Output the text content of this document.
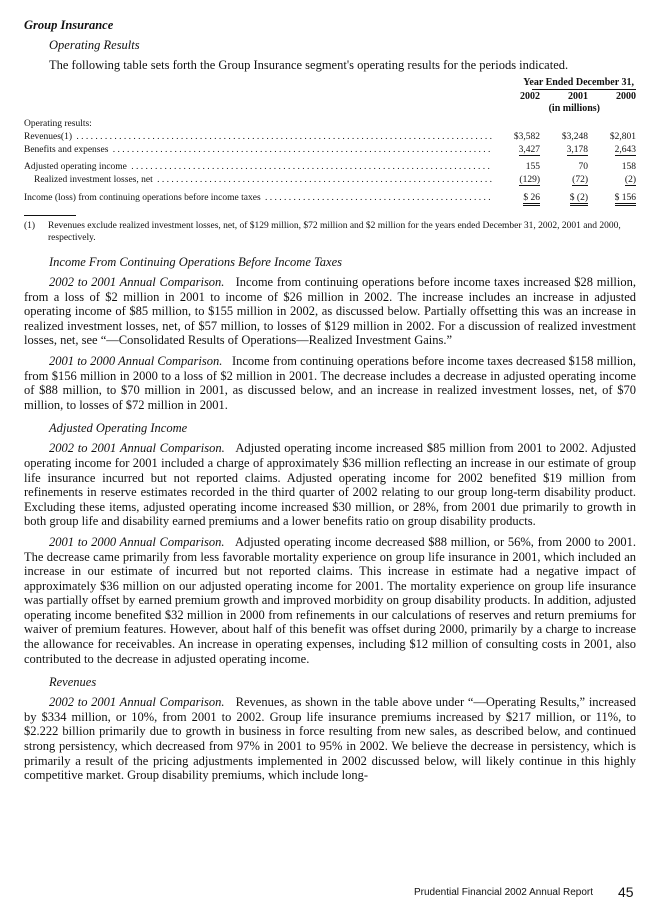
Group Insurance
Operating Results
The following table sets forth the Group Insurance segment's operating results for the periods indicated.
Year Ended December 31,
2002	2001	2000
(in millions)
Operating results:
Revenues(1) . . .	$3,582	$3,248	$2,801
Benefits and expenses . . .	3,427	3,178	2,643
Adjusted operating income . . .	155	70	158
Realized investment losses, net . . .	(129)	(72)	(2)
Income (loss) from continuing operations before income taxes . . .	$ 26	$ (2)	$ 156
(1)	Revenues exclude realized investment losses, net, of $129 million, $72 million and $2 million for the years ended December 31, 2002, 2001 and 2000, respectively.
Income From Continuing Operations Before Income Taxes

2002 to 2001 Annual Comparison. Income from continuing operations before income taxes increased $28 million, from a loss of $2 million in 2001 to income of $26 million in 2002. The increase includes an increase in adjusted operating income of $85 million, to $155 million in 2002, as discussed below. Partially offsetting this was an increase in realized investment losses, net, of $57 million, to losses of $129 million in 2002. For a discussion of realized investment losses, net, see “—Consolidated Results of Operations—Realized Investment Gains.”

2001 to 2000 Annual Comparison. Income from continuing operations before income taxes decreased $158 million, from $156 million in 2000 to a loss of $2 million in 2001. The decrease includes a decrease in adjusted operating income of $88 million, to $70 million in 2001, as discussed below, and an increase in realized investment losses, net, of $70 million, to losses of $72 million in 2001.

Adjusted Operating Income

2002 to 2001 Annual Comparison. Adjusted operating income increased $85 million from 2001 to 2002. Adjusted operating income for 2001 included a charge of approximately $36 million reflecting an increase in our estimate of group life insurance incurred but not reported claims. Adjusted operating income for 2002 benefited $19 million from refinements in reserve estimates recorded in the third quarter of 2002 relating to our group long-term disability product. Excluding these items, adjusted operating income increased $30 million, or 28%, from 2001 due primarily to growth in both group life and disability earned premiums and a lower benefits ratio on group disability products.

2001 to 2000 Annual Comparison. Adjusted operating income decreased $88 million, or 56%, from 2000 to 2001. The decrease came primarily from less favorable mortality experience on group life insurance in 2001, which included an increase in our estimate of incurred but not reported claims. This increase in estimate had a negative impact of approximately $36 million on our adjusted operating income for 2001. The mortality experience on group life insurance was partially offset by earned premium growth and improved morbidity on group disability products. In addition, adjusted operating income benefited $32 million in 2000 from refinements in our calculations of reserves and return premiums for waiver of premium features. However, about half of this benefit was offset during 2000, primarily by a charge to increase the allowance for receivables. An increase in operating expenses, including $12 million of consulting costs in 2001, also contributed to the decrease in adjusted operating income.

Revenues

2002 to 2001 Annual Comparison. Revenues, as shown in the table above under “—Operating Results,” increased by $334 million, or 10%, from 2001 to 2002. Group life insurance premiums increased by $217 million, or 11%, to $2.222 billion primarily due to growth in business in force resulting from new sales, as described below, and continued strong persistency, which decreased from 97% in 2001 to 95% in 2002. We believe the decrease in persistency, which is primarily a result of the pricing adjustments implemented in 2002 discussed below, will likely continue in this highly competitive market. Group disability premiums, which include long-

Prudential Financial 2002 Annual Report 45
